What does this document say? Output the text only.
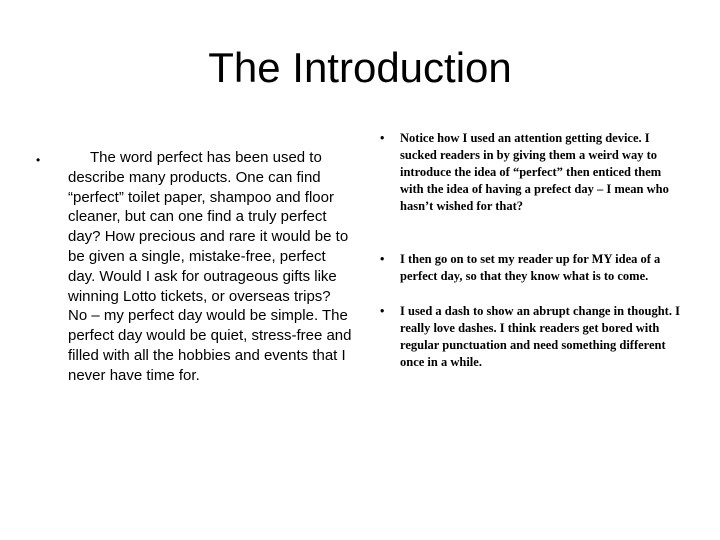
The Introduction
•	The word perfect has been used to describe many products. One can find “perfect” toilet paper, shampoo and floor cleaner, but can one find a truly perfect day? How precious and rare it would be to be given a single, mistake-free, perfect day. Would I ask for outrageous gifts like winning Lotto tickets, or overseas trips? No – my perfect day would be simple. The perfect day would be quiet, stress-free and filled with all the hobbies and events that I never have time for.
• Notice how I used an attention getting device. I sucked readers in by giving them a weird way to introduce the idea of “perfect” then enticed them with the idea of having a prefect day – I mean who hasn’t wished for that?
• I then go on to set my reader up for MY idea of a perfect day, so that they know what is to come.
• I used a dash to show an abrupt change in thought. I really love dashes. I think readers get bored with regular punctuation and need something different once in a while.
